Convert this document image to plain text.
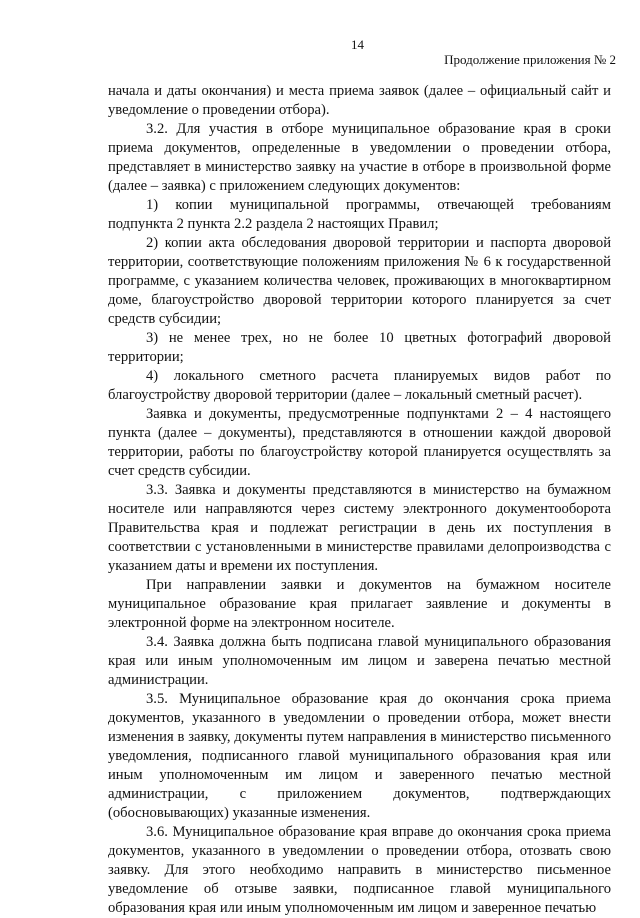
14
Продолжение приложения № 2

начала и даты окончания) и места приема заявок (далее – официальный сайт и уведомление о проведении отбора).

3.2. Для участия в отборе муниципальное образование края в сроки приема документов, определенные в уведомлении о проведении отбора, представляет в министерство заявку на участие в отборе в произвольной форме (далее – заявка) с приложением следующих документов:

1) копии муниципальной программы, отвечающей требованиям подпункта 2 пункта 2.2 раздела 2 настоящих Правил;

2) копии акта обследования дворовой территории и паспорта дворовой территории, соответствующие положениям приложения № 6 к государственной программе, с указанием количества человек, проживающих в многоквартирном доме, благоустройство дворовой территории которого планируется за счет средств субсидии;

3) не менее трех, но не более 10 цветных фотографий дворовой территории;

4) локального сметного расчета планируемых видов работ по благоустройству дворовой территории (далее – локальный сметный расчет).

Заявка и документы, предусмотренные подпунктами 2 – 4 настоящего пункта (далее – документы), представляются в отношении каждой дворовой территории, работы по благоустройству которой планируется осуществлять за счет средств субсидии.

3.3. Заявка и документы представляются в министерство на бумажном носителе или направляются через систему электронного документооборота Правительства края и подлежат регистрации в день их поступления в соответствии с установленными в министерстве правилами делопроизводства с указанием даты и времени их поступления.

При направлении заявки и документов на бумажном носителе муниципальное образование края прилагает заявление и документы в электронной форме на электронном носителе.

3.4. Заявка должна быть подписана главой муниципального образования края или иным уполномоченным им лицом и заверена печатью местной администрации.

3.5. Муниципальное образование края до окончания срока приема документов, указанного в уведомлении о проведении отбора, может внести изменения в заявку, документы путем направления в министерство письменного уведомления, подписанного главой муниципального образования края или иным уполномоченным им лицом и заверенного печатью местной администрации, с приложением документов, подтверждающих (обосновывающих) указанные изменения.

3.6. Муниципальное образование края вправе до окончания срока приема документов, указанного в уведомлении о проведении отбора, отозвать свою заявку. Для этого необходимо направить в министерство письменное уведомление об отзыве заявки, подписанное главой муниципального образования края или иным уполномоченным им лицом и заверенное печатью
